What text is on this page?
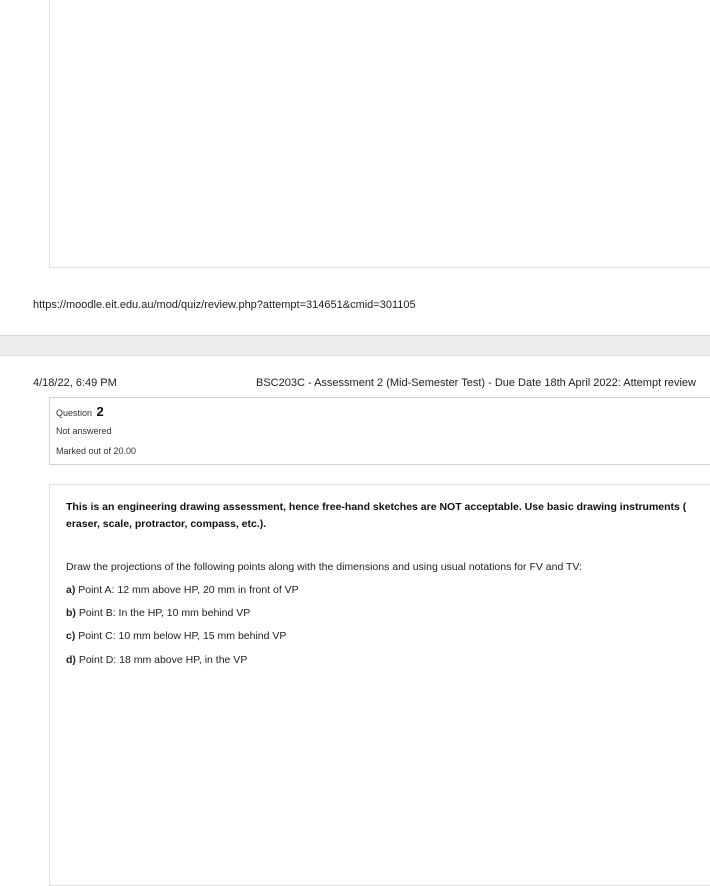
https://moodle.eit.edu.au/mod/quiz/review.php?attempt=314651&cmid=301105
4/18/22, 6:49 PM	BSC203C - Assessment 2 (Mid-Semester Test) - Due Date 18th April 2022: Attempt review
Question 2
Not answered
Marked out of 20.00
This is an engineering drawing assessment, hence free-hand sketches are NOT acceptable. Use basic drawing instruments (
eraser, scale, protractor, compass, etc.).
Draw the projections of the following points along with the dimensions and using usual notations for FV and TV:
a) Point A: 12 mm above HP, 20 mm in front of VP
b) Point B: In the HP, 10 mm behind VP
c) Point C: 10 mm below HP, 15 mm behind VP
d) Point D: 18 mm above HP, in the VP
